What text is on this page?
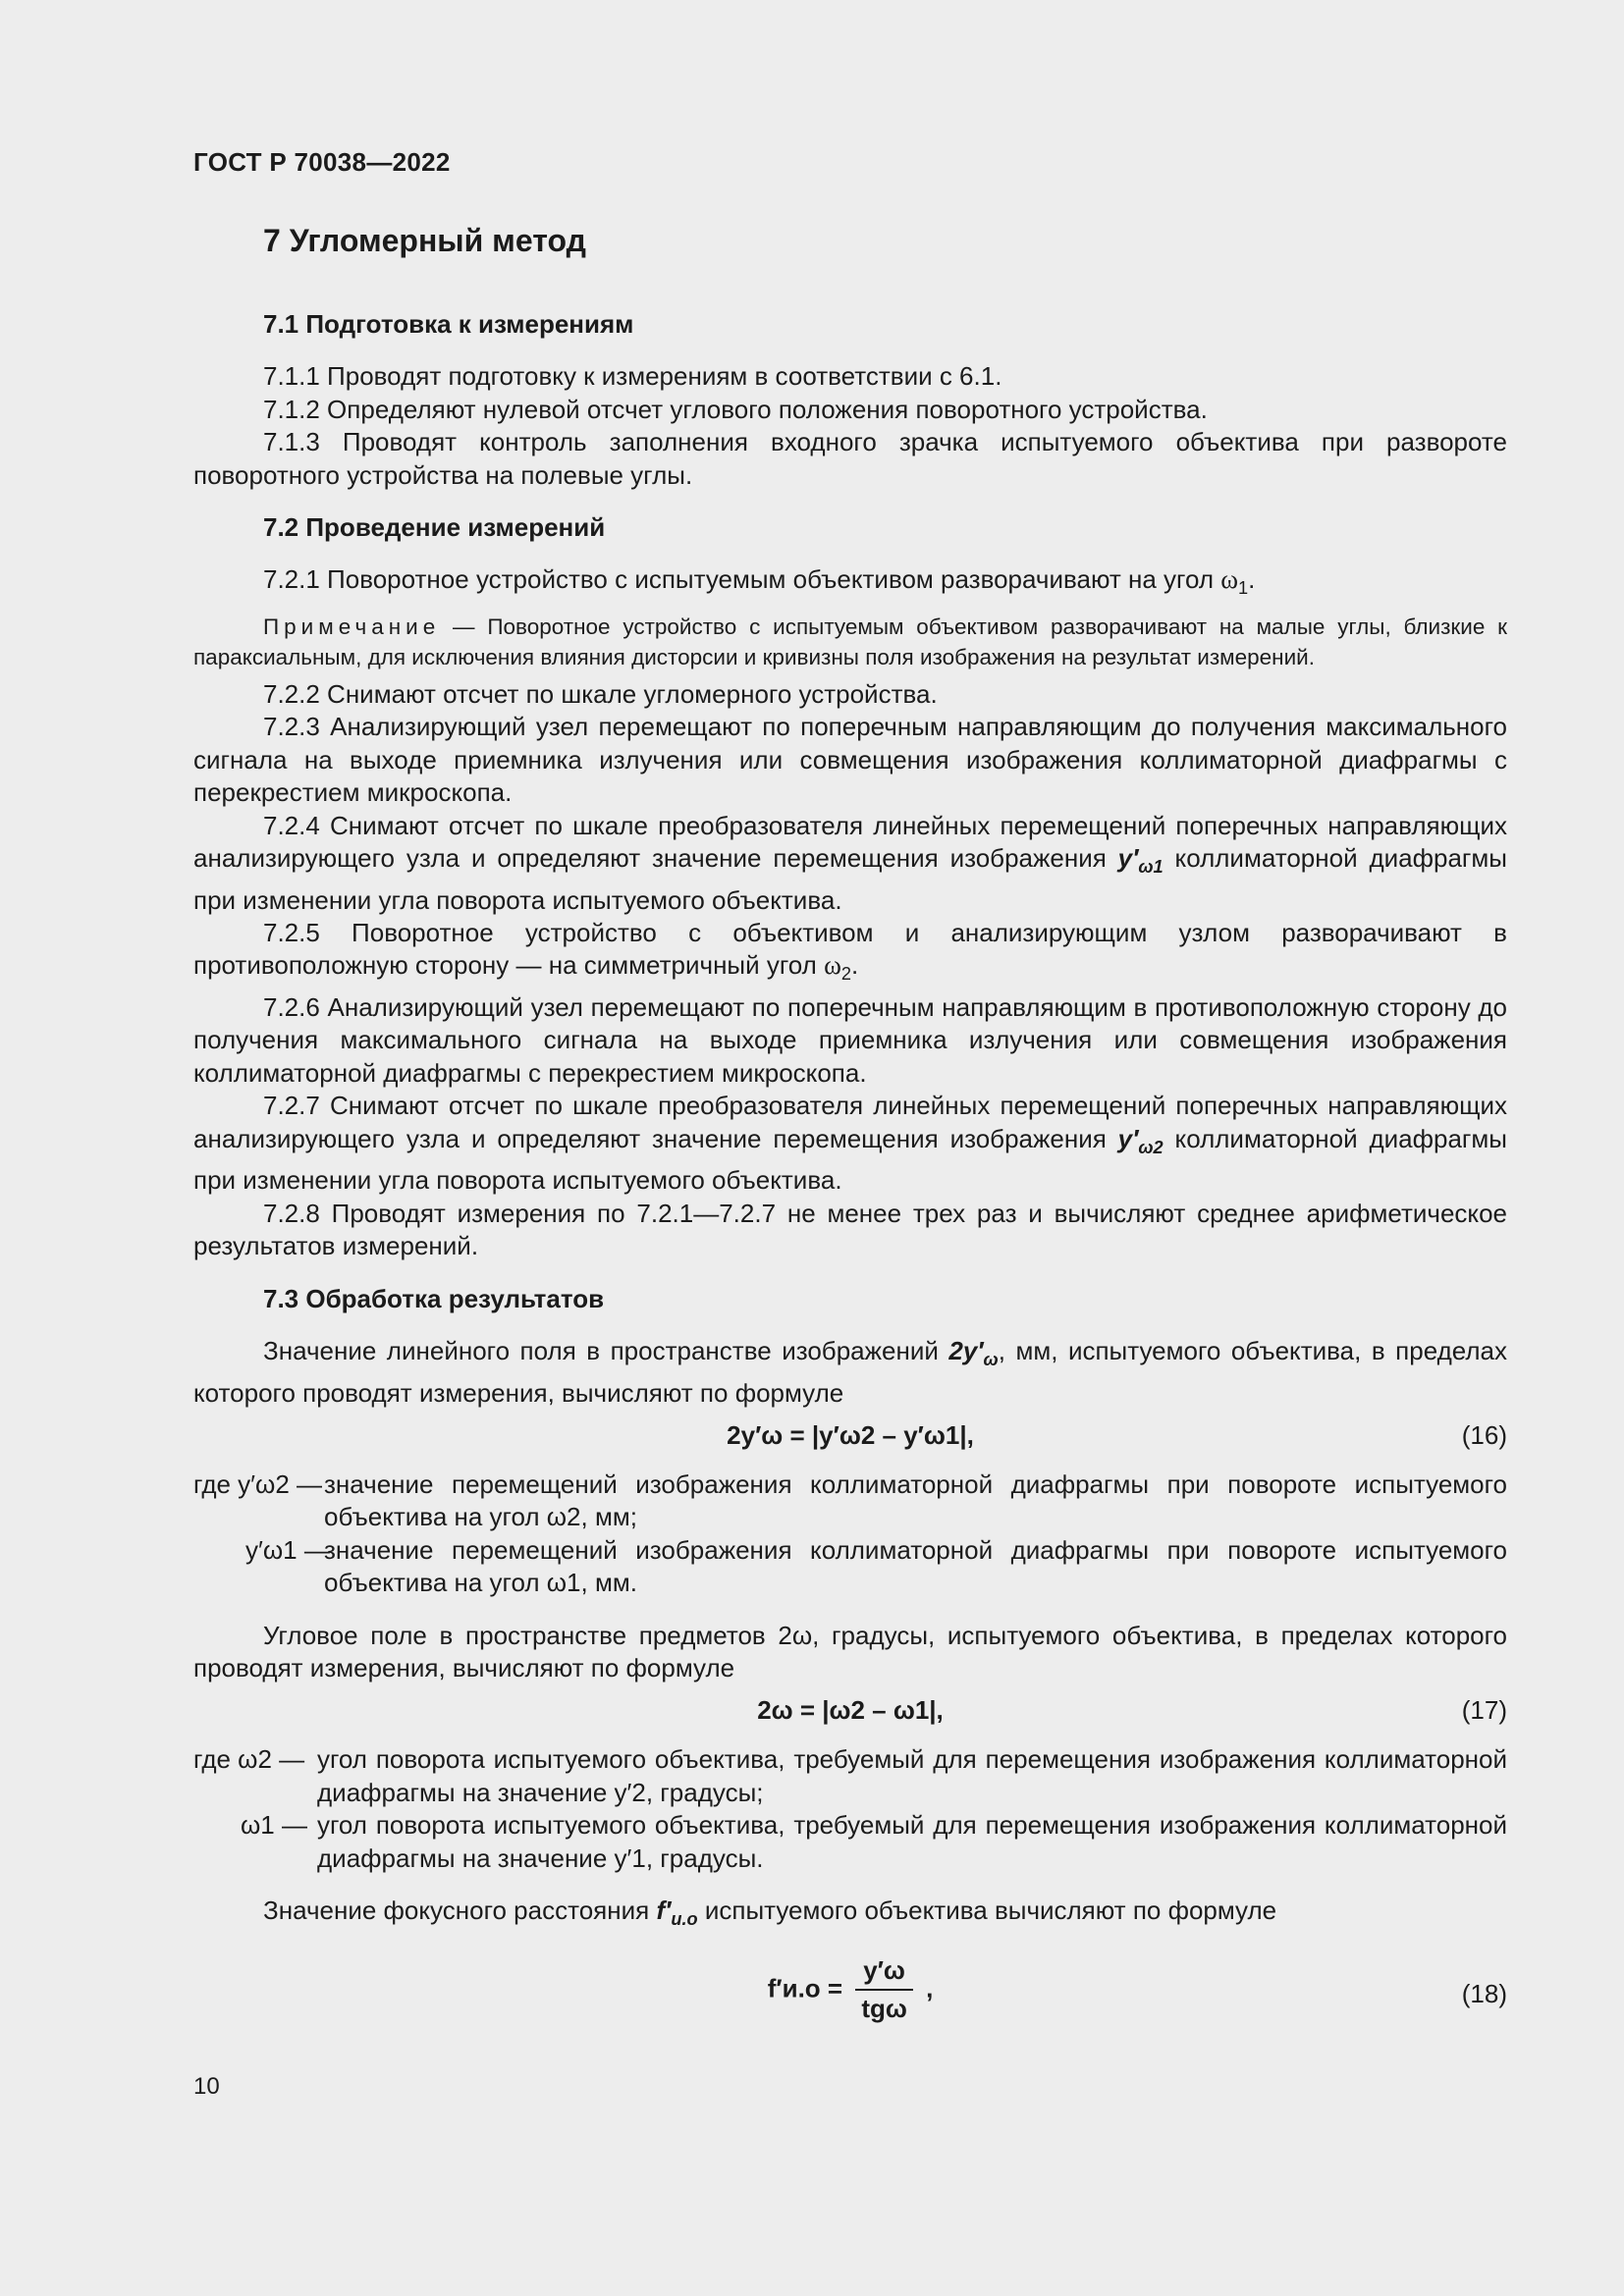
ГОСТ Р 70038—2022
7 Угломерный метод

7.1 Подготовка к измерениям

7.1.1 Проводят подготовку к измерениям в соответствии с 6.1.

7.1.2 Определяют нулевой отсчет углового положения поворотного устройства.

7.1.3 Проводят контроль заполнения входного зрачка испытуемого объектива при развороте поворотного устройства на полевые углы.

7.2 Проведение измерений

7.2.1 Поворотное устройство с испытуемым объективом разворачивают на угол $\omega_1$.

Примечание — Поворотное устройство с испытуемым объективом разворачивают на малые углы, близкие к параксиальным, для исключения влияния дисторсии и кривизны поля изображения на результат измерений.

7.2.2 Снимают отсчет по шкале угломерного устройства.

7.2.3 Анализирующий узел перемещают по поперечным направляющим до получения максимального сигнала на выходе приемника излучения или совмещения изображения коллиматорной диафрагмы с перекрестием микроскопа.

7.2.4 Снимают отсчет по шкале преобразователя линейных перемещений поперечных направляющих анализирующего узла и определяют значение перемещения изображения $y'_{\omega 1}$ коллиматорной диафрагмы при изменении угла поворота испытуемого объектива.

7.2.5 Поворотное устройство с объективом и анализирующим узлом разворачивают в противоположную сторону — на симметричный угол $\omega_2$.

7.2.6 Анализирующий узел перемещают по поперечным направляющим в противоположную сторону до получения максимального сигнала на выходе приемника излучения или совмещения изображения коллиматорной диафрагмы с перекрестием микроскопа.

7.2.7 Снимают отсчет по шкале преобразователя линейных перемещений поперечных направляющих анализирующего узла и определяют значение перемещения изображения $y'_{\omega 2}$ коллиматорной диафрагмы при изменении угла поворота испытуемого объектива.

7.2.8 Проводят измерения по 7.2.1—7.2.7 не менее трех раз и вычисляют среднее арифметическое результатов измерений.

7.3 Обработка результатов

Значение линейного поля в пространстве изображений $2y'_\omega$, мм, испытуемого объектива, в пределах которого проводят измерения, вычисляют по формуле

2y′ω = |y′ω2 – y′ω1|,	(16)
где y′ω2 — значение перемещений изображения коллиматорной диафрагмы при повороте испытуемого объектива на угол ω2, мм;
y′ω1 —
значение перемещений изображения коллиматорной диафрагмы при повороте испытуемого объектива на угол ω1, мм.

Угловое поле в пространстве предметов 2ω, градусы, испытуемого объектива, в пределах которого проводят измерения, вычисляют по формуле

2ω = |ω2 – ω1|,	(17)
где ω2 — угол поворота испытуемого объектива, требуемый для перемещения изображения коллиматорной диафрагмы на значение y′2, градусы;
ω1 — угол поворота испытуемого объектива, требуемый для перемещения изображения коллиматорной диафрагмы на значение y′1, градусы.

Значение фокусного расстояния $f'_{и.о}$ испытуемого объектива вычисляют по формуле

$f'и.о = \frac{y'\omega}{\text{tgω}}$ ,	(18)
10
